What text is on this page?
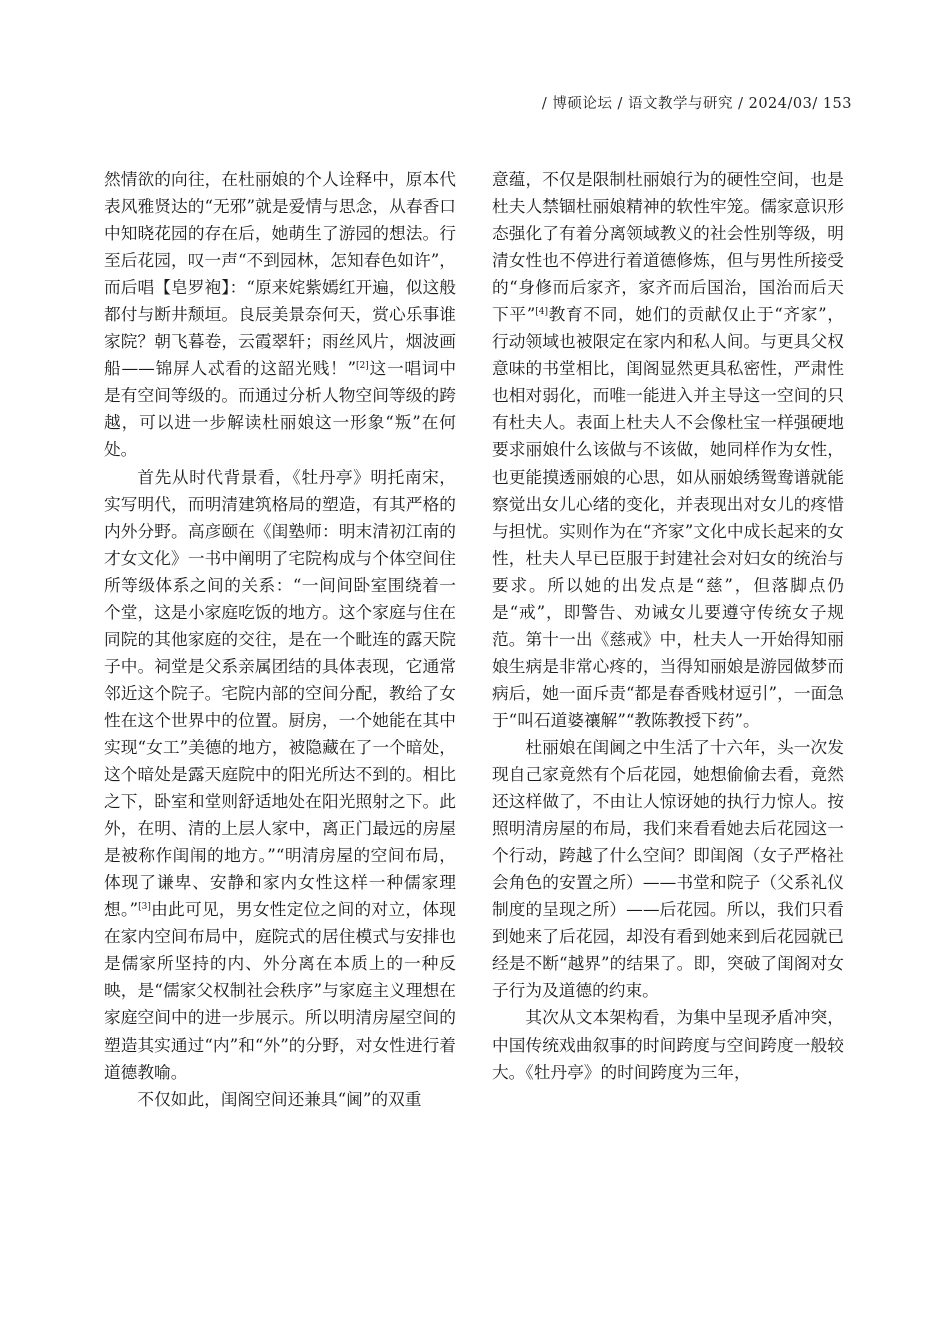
/ 博硕论坛 / 语文教学与研究 / 2024/03/ 153

然情欲的向往，在杜丽娘的个人诠释中，原本代表风雅贤达的“无邪”就是爱情与思念，从春香口中知晓花园的存在后，她萌生了游园的想法。行至后花园，叹一声“不到园林，怎知春色如许”，而后唱【皂罗袍】：“原来姹紫嫣红开遍，似这般都付与断井颓垣。良辰美景奈何天，赏心乐事谁家院？朝飞暮卷，云霞翠轩；雨丝风片，烟波画船——锦屏人忒看的这韶光贱！”[2]这一唱词中是有空间等级的。而通过分析人物空间等级的跨越，可以进一步解读杜丽娘这一形象“叛”在何处。

首先从时代背景看，《牡丹亭》明托南宋，实写明代，而明清建筑格局的塑造，有其严格的内外分野。高彦颐在《闺塾师：明末清初江南的才女文化》一书中阐明了宅院构成与个体空间住所等级体系之间的关系：“一间间卧室围绕着一个堂，这是小家庭吃饭的地方。这个家庭与住在同院的其他家庭的交往，是在一个毗连的露天院子中。祠堂是父系亲属团结的具体表现，它通常邻近这个院子。宅院内部的空间分配，教给了女性在这个世界中的位置。厨房，一个她能在其中实现“女工”美德的地方，被隐藏在了一个暗处，这个暗处是露天庭院中的阳光所达不到的。相比之下，卧室和堂则舒适地处在阳光照射之下。此外，在明、清的上层人家中，离正门最远的房屋是被称作闺闱的地方。”“明清房屋的空间布局，体现了谦卑、安静和家内女性这样一种儒家理想。”[3]由此可见，男女性定位之间的对立，体现在家内空间布局中，庭院式的居住模式与安排也是儒家所坚持的内、外分离在本质上的一种反映，是“儒家父权制社会秩序”与家庭主义理想在家庭空间中的进一步展示。所以明清房屋空间的塑造其实通过“内”和“外”的分野，对女性进行着道德教喻。

不仅如此，闺阁空间还兼具“阃”的双重

意蕴，不仅是限制杜丽娘行为的硬性空间，也是杜夫人禁锢杜丽娘精神的软性牢笼。儒家意识形态强化了有着分离领域教义的社会性别等级，明清女性也不停进行着道德修炼，但与男性所接受的“身修而后家齐，家齐而后国治，国治而后天下平”[4]教育不同，她们的贡献仅止于“齐家”，行动领域也被限定在家内和私人间。与更具父权意味的书堂相比，闺阁显然更具私密性，严肃性也相对弱化，而唯一能进入并主导这一空间的只有杜夫人。表面上杜夫人不会像杜宝一样强硬地要求丽娘什么该做与不该做，她同样作为女性，也更能摸透丽娘的心思，如从丽娘绣鸳鸯谱就能察觉出女儿心绪的变化，并表现出对女儿的疼惜与担忧。实则作为在“齐家”文化中成长起来的女性，杜夫人早已臣服于封建社会对妇女的统治与要求。所以她的出发点是“慈”，但落脚点仍是“戒”，即警告、劝诫女儿要遵守传统女子规范。第十一出《慈戒》中，杜夫人一开始得知丽娘生病是非常心疼的，当得知丽娘是游园做梦而病后，她一面斥责“都是春香贱材逗引”，一面急于“叫石道婆禳解”“教陈教授下药”。

杜丽娘在闺阃之中生活了十六年，头一次发现自己家竟然有个后花园，她想偷偷去看，竟然还这样做了，不由让人惊讶她的执行力惊人。按照明清房屋的布局，我们来看看她去后花园这一个行动，跨越了什么空间？即闺阁（女子严格社会角色的安置之所）——书堂和院子（父系礼仪制度的呈现之所）——后花园。所以，我们只看到她来了后花园，却没有看到她来到后花园就已经是不断“越界”的结果了。即，突破了闺阁对女子行为及道德的约束。

其次从文本架构看，为集中呈现矛盾冲突，中国传统戏曲叙事的时间跨度与空间跨度一般较大。《牡丹亭》的时间跨度为三年，
